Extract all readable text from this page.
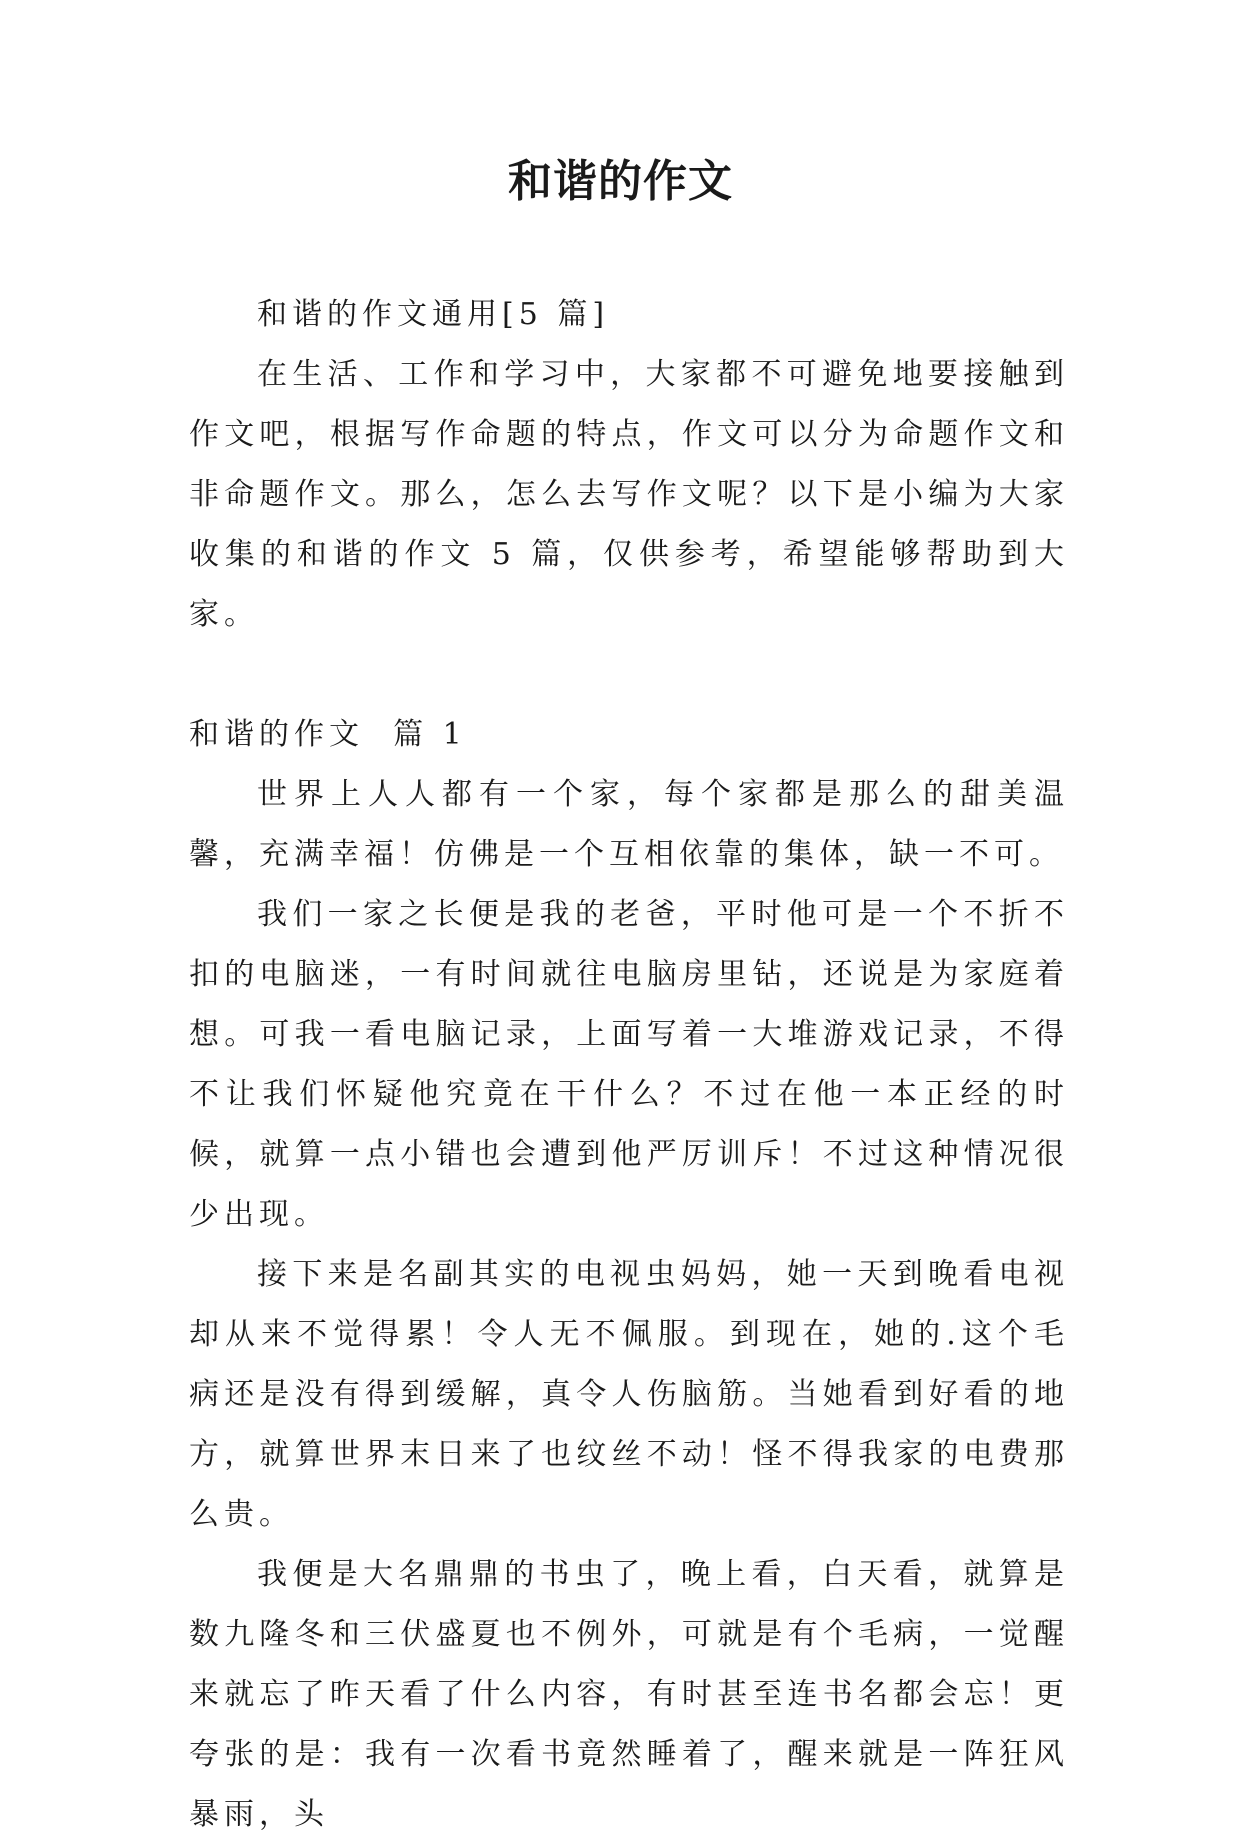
和谐的作文

和谐的作文通用[5 篇]

在生活、工作和学习中，大家都不可避免地要接触到作文吧，根据写作命题的特点，作文可以分为命题作文和非命题作文。那么，怎么去写作文呢？以下是小编为大家收集的和谐的作文 5 篇，仅供参考，希望能够帮助到大家。

和谐的作文  篇 1

世界上人人都有一个家，每个家都是那么的甜美温馨，充满幸福！仿佛是一个互相依靠的集体，缺一不可。

我们一家之长便是我的老爸，平时他可是一个不折不扣的电脑迷，一有时间就往电脑房里钻，还说是为家庭着想。可我一看电脑记录，上面写着一大堆游戏记录，不得不让我们怀疑他究竟在干什么？不过在他一本正经的时候，就算一点小错也会遭到他严厉训斥！不过这种情况很少出现。

接下来是名副其实的电视虫妈妈，她一天到晚看电视却从来不觉得累！令人无不佩服。到现在，她的.这个毛病还是没有得到缓解，真令人伤脑筋。当她看到好看的地方，就算世界末日来了也纹丝不动！怪不得我家的电费那么贵。

我便是大名鼎鼎的书虫了，晚上看，白天看，就算是数九隆冬和三伏盛夏也不例外，可就是有个毛病，一觉醒来就忘了昨天看了什么内容，有时甚至连书名都会忘！更夸张的是：我有一次看书竟然睡着了，醒来就是一阵狂风暴雨，头
